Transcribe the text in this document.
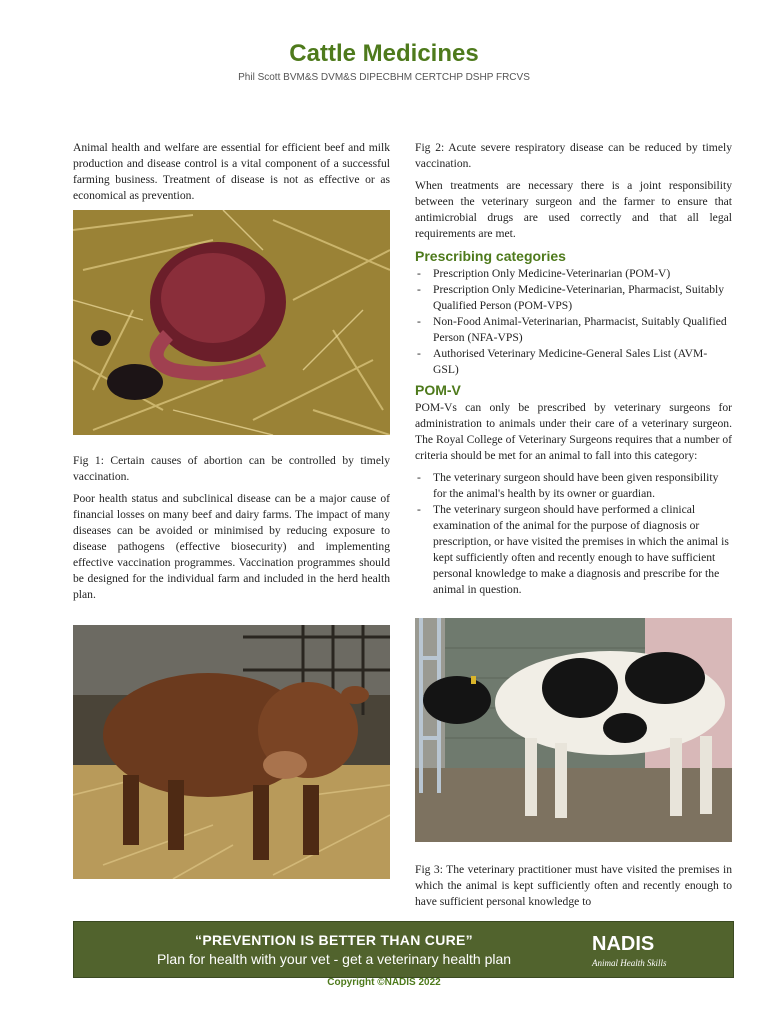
Cattle Medicines
Phil Scott BVM&S DVM&S DIPECBHM CERTCHP DSHP FRCVS

Animal health and welfare are essential for efficient beef and milk production and disease control is a vital component of a successful farming business. Treatment of disease is not as effective or as economical as prevention.

Fig 1: Certain causes of abortion can be controlled by timely vaccination.

Poor health status and subclinical disease can be a major cause of financial losses on many beef and dairy farms. The impact of many diseases can be avoided or minimised by reducing exposure to disease pathogens (effective biosecurity) and implementing effective vaccination programmes. Vaccination programmes should be designed for the individual farm and included in the herd health plan.

Fig 2: Acute severe respiratory disease can be reduced by timely vaccination.

When treatments are necessary there is a joint responsibility between the veterinary surgeon and the farmer to ensure that antimicrobial drugs are used correctly and that all legal requirements are met.

Prescribing categories
- Prescription Only Medicine-Veterinarian (POM-V)
- Prescription Only Medicine-Veterinarian, Pharmacist, Suitably Qualified Person (POM-VPS)
- Non-Food Animal-Veterinarian, Pharmacist, Suitably Qualified Person (NFA-VPS)
- Authorised Veterinary Medicine-General Sales List (AVM-GSL)
POM-V

POM-Vs can only be prescribed by veterinary surgeons for administration to animals under their care of a veterinary surgeon. The Royal College of Veterinary Surgeons requires that a number of criteria should be met for an animal to fall into this category:

- The veterinary surgeon should have been given responsibility for the animal's health by its owner or guardian.
- The veterinary surgeon should have performed a clinical examination of the animal for the purpose of diagnosis or prescription, or have visited the premises in which the animal is kept sufficiently often and recently enough to have sufficient personal knowledge to make a diagnosis and prescribe for the animal in question.

Fig 3: The veterinary practitioner must have visited the premises in which the animal is kept sufficiently often and recently enough to have sufficient personal knowledge to

“PREVENTION IS BETTER THAN CURE”
Plan for health with your vet - get a veterinary health plan
NADIS
Animal Health Skills
Copyright ©NADIS 2022
